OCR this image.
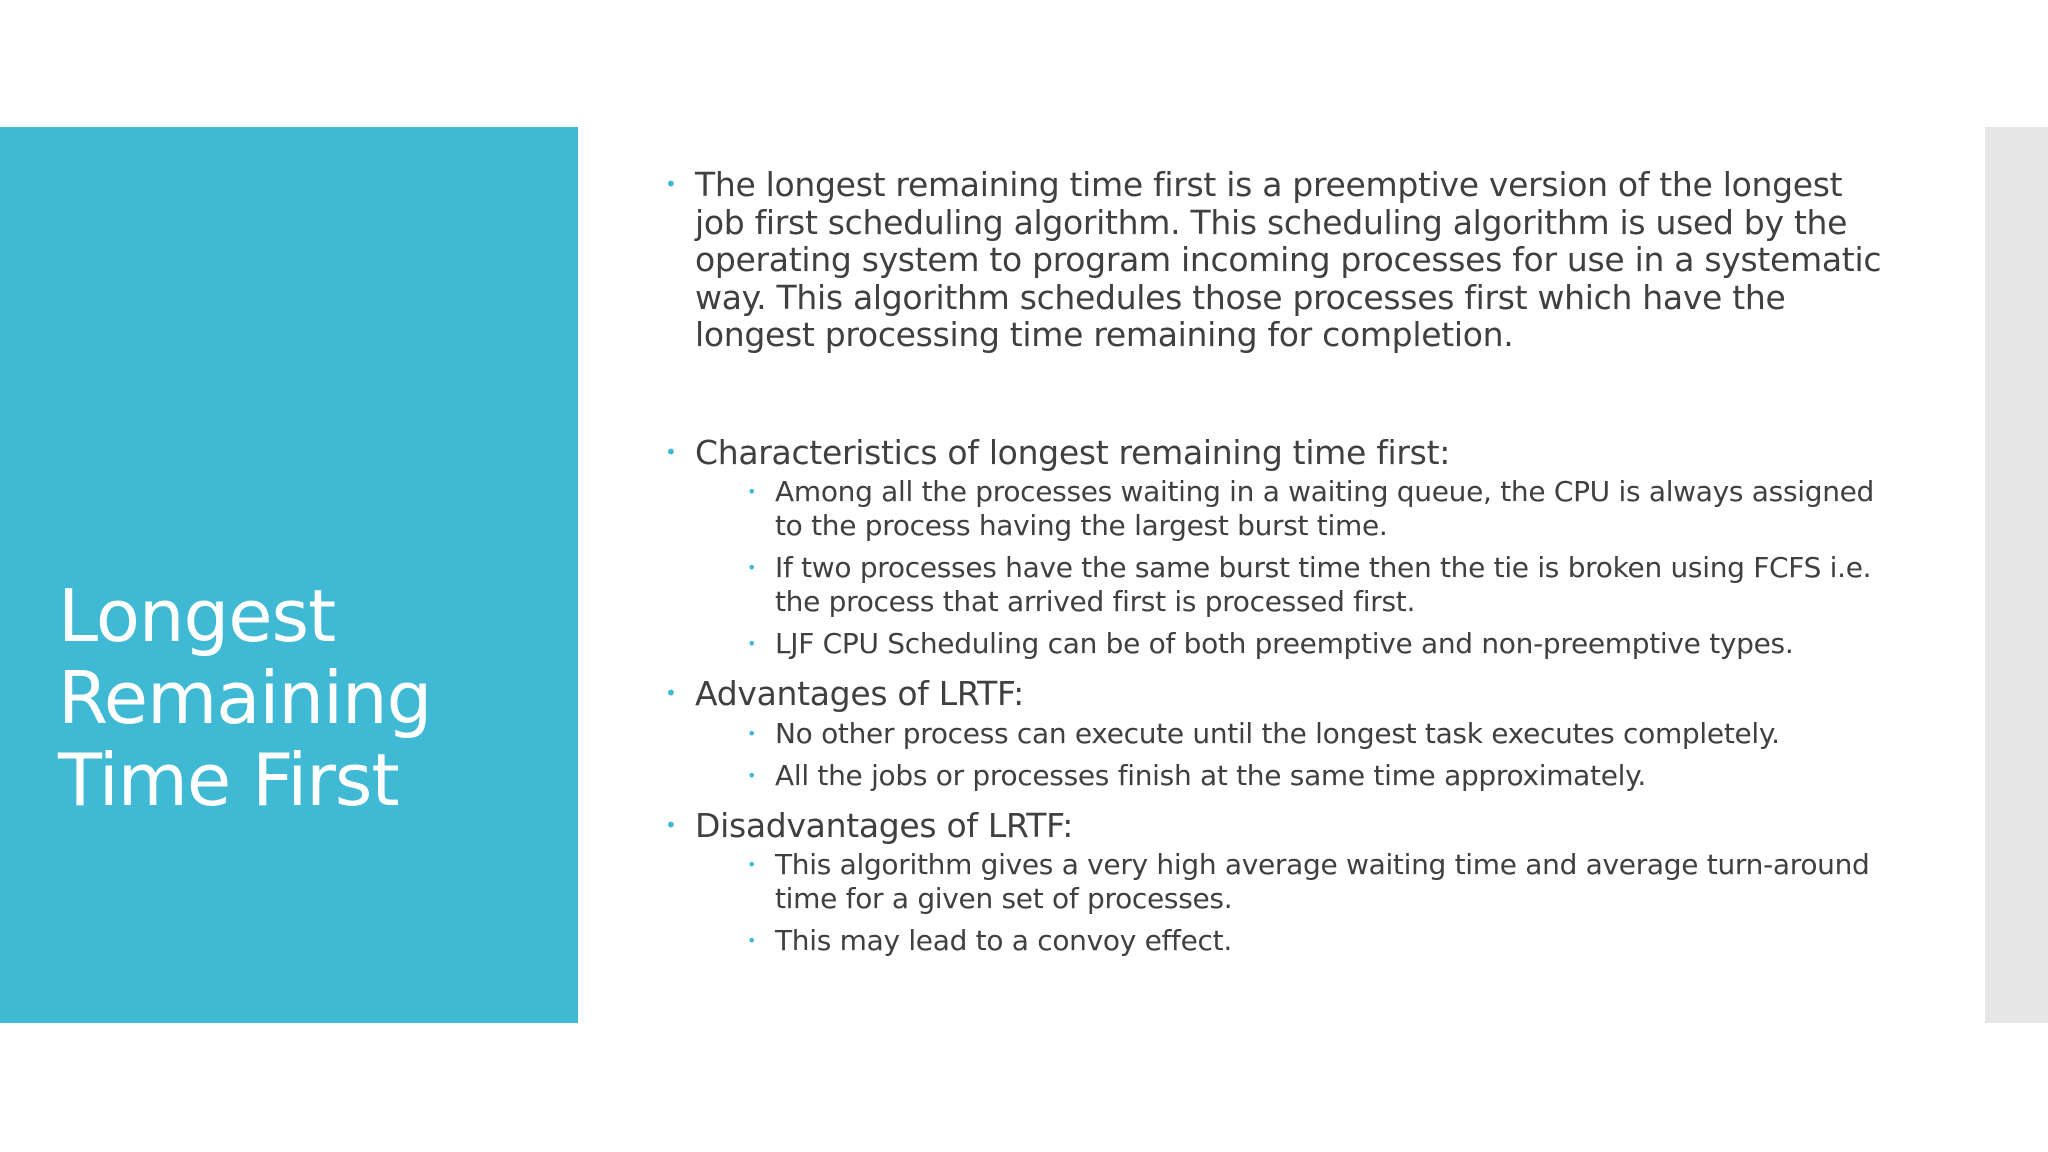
Longest
Remaining
Time First
• The longest remaining time first is a preemptive version of the longest job first scheduling algorithm. This scheduling algorithm is used by the operating system to program incoming processes for use in a systematic way. This algorithm schedules those processes first which have the longest processing time remaining for completion.
• Characteristics of longest remaining time first:
• Among all the processes waiting in a waiting queue, the CPU is always assigned to the process having the largest burst time.
• If two processes have the same burst time then the tie is broken using FCFS i.e. the process that arrived first is processed first.
• LJF CPU Scheduling can be of both preemptive and non-preemptive types.
• Advantages of LRTF:
• No other process can execute until the longest task executes completely.
• All the jobs or processes finish at the same time approximately.
• Disadvantages of LRTF:
• This algorithm gives a very high average waiting time and average turn-around time for a given set of processes.
• This may lead to a convoy effect.
